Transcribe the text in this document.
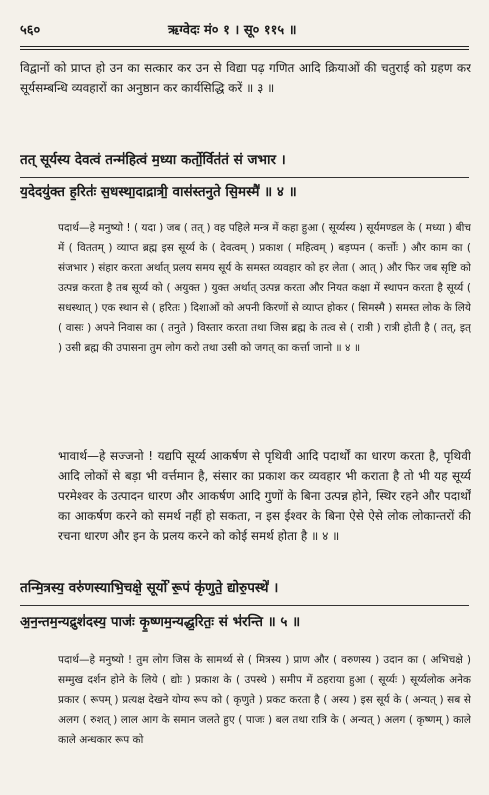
५६०	ऋग्वेदः मं० १ । सू० ११५ ॥
विद्वानों को प्राप्त हो उन का सत्कार कर उन से विद्या पढ़ गणित आदि क्रियाओं की चतुराई को ग्रहण कर सूर्यसम्बन्धि व्यवहारों का अनुष्ठान कर कार्यसिद्धि करें ॥ ३ ॥
तत् सूर्यस्य देवत्वं तन्म॑हित्वं म॒ध्या कर्तो॒र्वित॑तं सं जभार ।
य॒देदयु॑क्त ह॒रितः॑ स॒धस्था॒दाद्रात्री॒ वास॑स्तनुते सि॒मस्मै॑ ॥ ४ ॥
पदार्थ—हे मनुष्यो ! ( यदा ) जब ( तत् ) वह पहिले मन्त्र में कहा हुआ ( सूर्य्यस्य ) सूर्यमण्डल के ( मध्या ) बीच में ( विततम् ) व्याप्त ब्रह्म इस सूर्य्य के ( देवत्वम् ) प्रकाश ( महित्वम् ) बड़प्पन ( कर्त्तोः ) और काम का ( संजभार ) संहार करता अर्थात् प्रलय समय सूर्य के समस्त व्यवहार को हर लेता ( आत् ) और फिर जब सृष्टि को उत्पन्न करता है तब सूर्य्य को ( अयुक्त ) युक्त अर्थात् उत्पन्न करता और नियत कक्षा में स्थापन करता है सूर्य्य ( सधस्थात् ) एक स्थान से ( हरितः ) दिशाओं को अपनी किरणों से व्याप्त होकर ( सिमस्मै ) समस्त लोक के लिये ( वासः ) अपने निवास का ( तनुते ) विस्तार करता तथा जिस ब्रह्म के तत्व से ( रात्री ) रात्री होती है ( तत्, इत् ) उसी ब्रह्म की उपासना तुम लोग करो तथा उसी को जगत् का कर्त्ता जानो ॥ ४ ॥
भावार्थ—हे सज्जनो ! यद्यपि सूर्य्य आकर्षण से पृथिवी आदि पदार्थों का धारण करता है, पृथिवी आदि लोकों से बड़ा भी वर्त्तमान है, संसार का प्रकाश कर व्यवहार भी कराता है तो भी यह सूर्य्य परमेश्वर के उत्पादन धारण और आकर्षण आदि गुणों के बिना उत्पन्न होने, स्थिर रहने और पदार्थों का आकर्षण करने को समर्थ नहीं हो सकता, न इस ईश्वर के बिना ऐसे ऐसे लोक लोकान्तरों की रचना धारण और इन के प्रलय करने को कोई समर्थ होता है ॥ ४ ॥
तन्मि॒त्रस्य॒ वरु॑णस्याभि॒चक्षे॒ सूर्यो॑ रू॒पं कृ॑णुते॒ द्योरु॒पस्थे॑ ।
अ॒न॒न्तम॒न्यद्रुश॑दस्य॒ पाजः॑ कृ॒ष्णम॒न्यद्ध॒रितः॒ सं भ॑रन्ति ॥ ५ ॥
पदार्थ—हे मनुष्यो ! तुम लोग जिस के सामर्थ्य से ( मित्रस्य ) प्राण और ( वरुणस्य ) उदान का ( अभिचक्षे ) सम्मुख दर्शन होने के लिये ( द्योः ) प्रकाश के ( उपस्थे ) समीप में ठहराया हुआ ( सूर्य्यः ) सूर्य्यलोक अनेक प्रकार ( रूपम् ) प्रत्यक्ष देखने योग्य रूप को ( कृणुते ) प्रकट करता है ( अस्य ) इस सूर्य के ( अन्यत् ) सब से अलग ( रुशत् ) लाल आग के समान जलते हुए ( पाजः ) बल तथा रात्रि के ( अन्यत् ) अलग ( कृष्णम् ) काले काले अन्धकार रूप को
